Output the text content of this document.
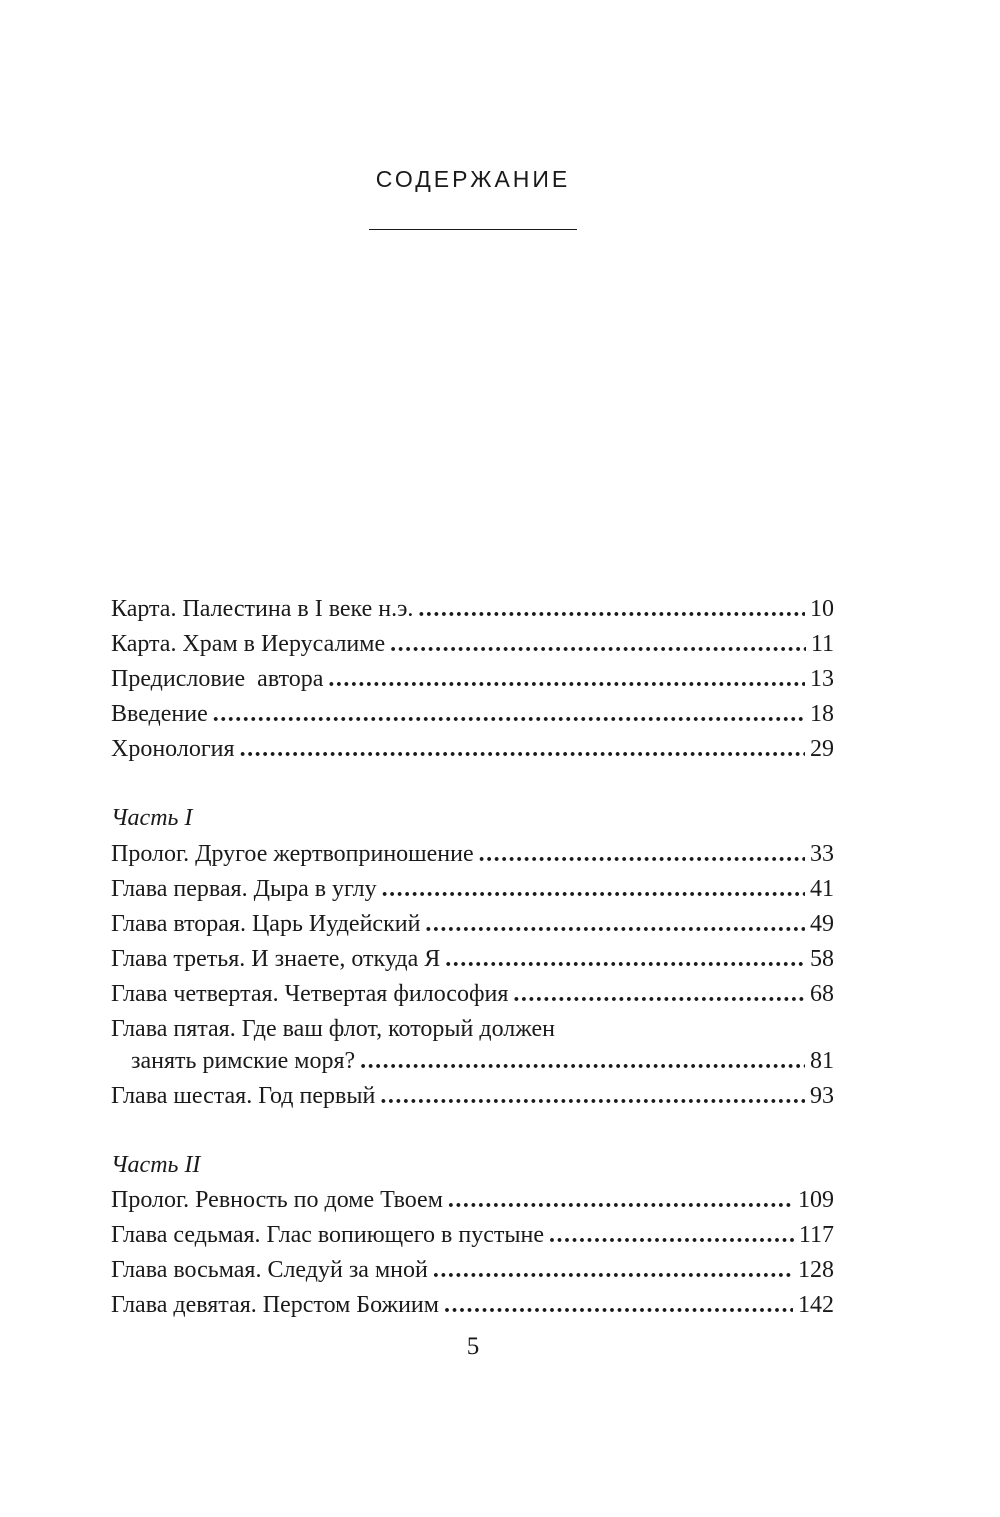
СОДЕРЖАНИЕ
Карта. Палестина в I веке н.э. .....	10
Карта. Храм в Иерусалиме .....	11
Предисловие  автора .....	13
Введение .....	18
Хронология .....	29
Часть I
Пролог. Другое жертвоприношение .....	33
Глава первая. Дыра в углу .....	41
Глава вторая. Царь Иудейский .....	49
Глава третья. И знаете, откуда Я .....	58
Глава четвертая. Четвертая философия .....	68
Глава пятая. Где ваш флот, который должен
занять римские моря? .....	81
Глава шестая. Год первый .....	93
Часть II
Пролог. Ревность по доме Твоем .....	109
Глава седьмая. Глас вопиющего в пустыне .....	117
Глава восьмая. Следуй за мной .....	128
Глава девятая. Перстом Божиим .....	142
5
